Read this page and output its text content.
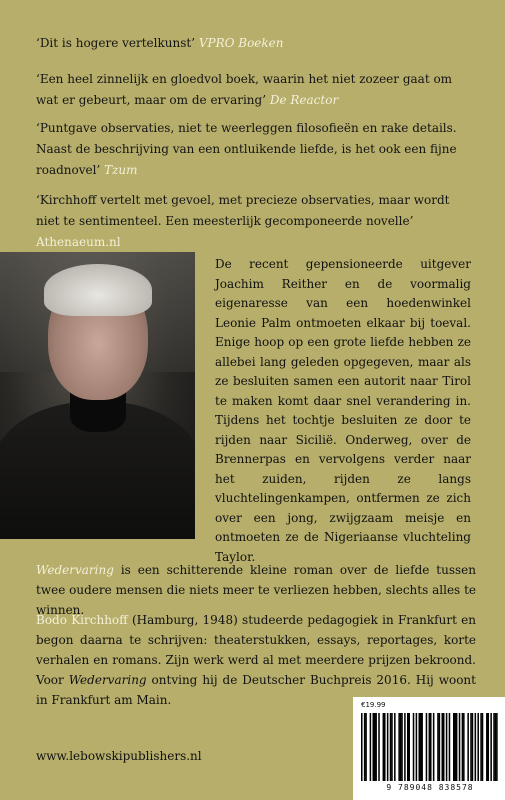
‘Dit is hogere vertelkunst’ VPRO Boeken

‘Een heel zinnelijk en gloedvol boek, waarin het niet zozeer gaat om wat er gebeurt, maar om de ervaring’ De Reactor

‘Puntgave observaties, niet te weerleggen filosofieën en rake details. Naast de beschrijving van een ontluikende liefde, is het ook een fijne roadnovel’ Tzum

‘Kirchhoff vertelt met gevoel, met precieze observaties, maar wordt niet te sentimenteel. Een meesterlijk gecomponeerde novelle’ Athenaeum.nl

De recent gepensioneerde uitgever Joachim Reither en de voormalig eigenaresse van een hoedenwinkel Leonie Palm ontmoeten elkaar bij toeval. Enige hoop op een grote liefde hebben ze allebei lang geleden opgegeven, maar als ze besluiten samen een autorit naar Tirol te maken komt daar snel verandering in. Tijdens het tochtje besluiten ze door te rijden naar Sicilië. Onderweg, over de Brennerpas en vervolgens verder naar het zuiden, rijden ze langs vluchtelingenkampen, ontfermen ze zich over een jong, zwijgzaam meisje en ontmoeten ze de Nigeriaanse vluchteling Taylor.

Wedervaring is een schitterende kleine roman over de liefde tussen twee oudere mensen die niets meer te verliezen hebben, slechts alles te winnen.

Bodo Kirchhoff (Hamburg, 1948) studeerde pedagogiek in Frankfurt en begon daarna te schrijven: theaterstukken, essays, reportages, korte verhalen en romans. Zijn werk werd al met meerdere prijzen bekroond. Voor Wedervaring ontving hij de Deutscher Buchpreis 2016. Hij woont in Frankfurt am Main.

www.lebowskipublishers.nl
€19.99
9 789048 838578
